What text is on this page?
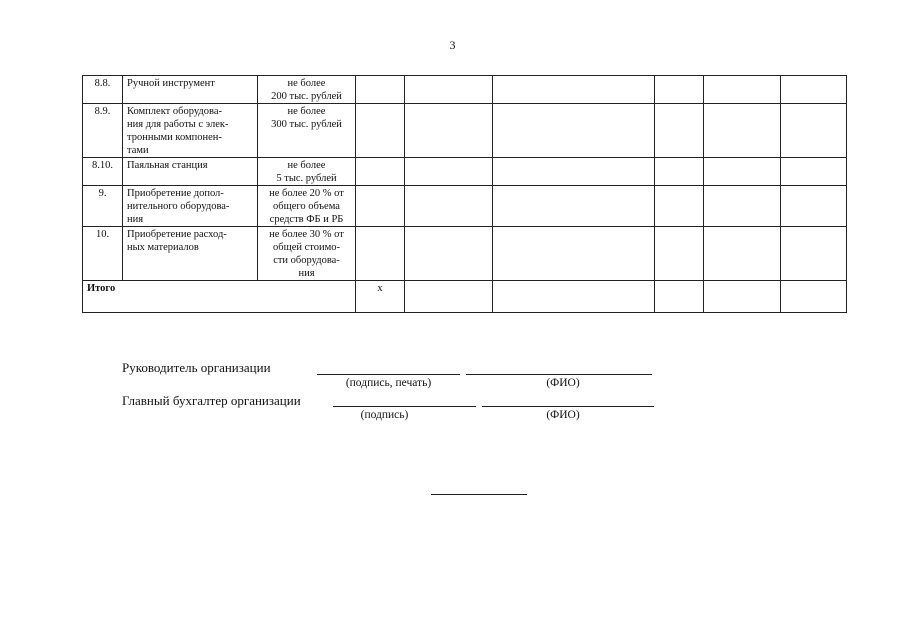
3
8.8.	Ручной инструмент	не более
200 тыс. рублей						
8.9.	Комплект оборудова-
ния для работы с элек-
тронными компонен-
тами	не более
300 тыс. рублей						
8.10.	Паяльная станция	не более
5 тыс. рублей						
9.	Приобретение допол-
нительного оборудова-
ния	не более 20 % от
общего объема
средств ФБ и РБ						
10.	Приобретение расход-
ных материалов	не более 30 % от
общей стоимо-
сти оборудова-
ния						
Итого			х					
Руководитель организации
(подпись, печать)	(ФИО)
Главный бухгалтер организации
(подпись)	(ФИО)
